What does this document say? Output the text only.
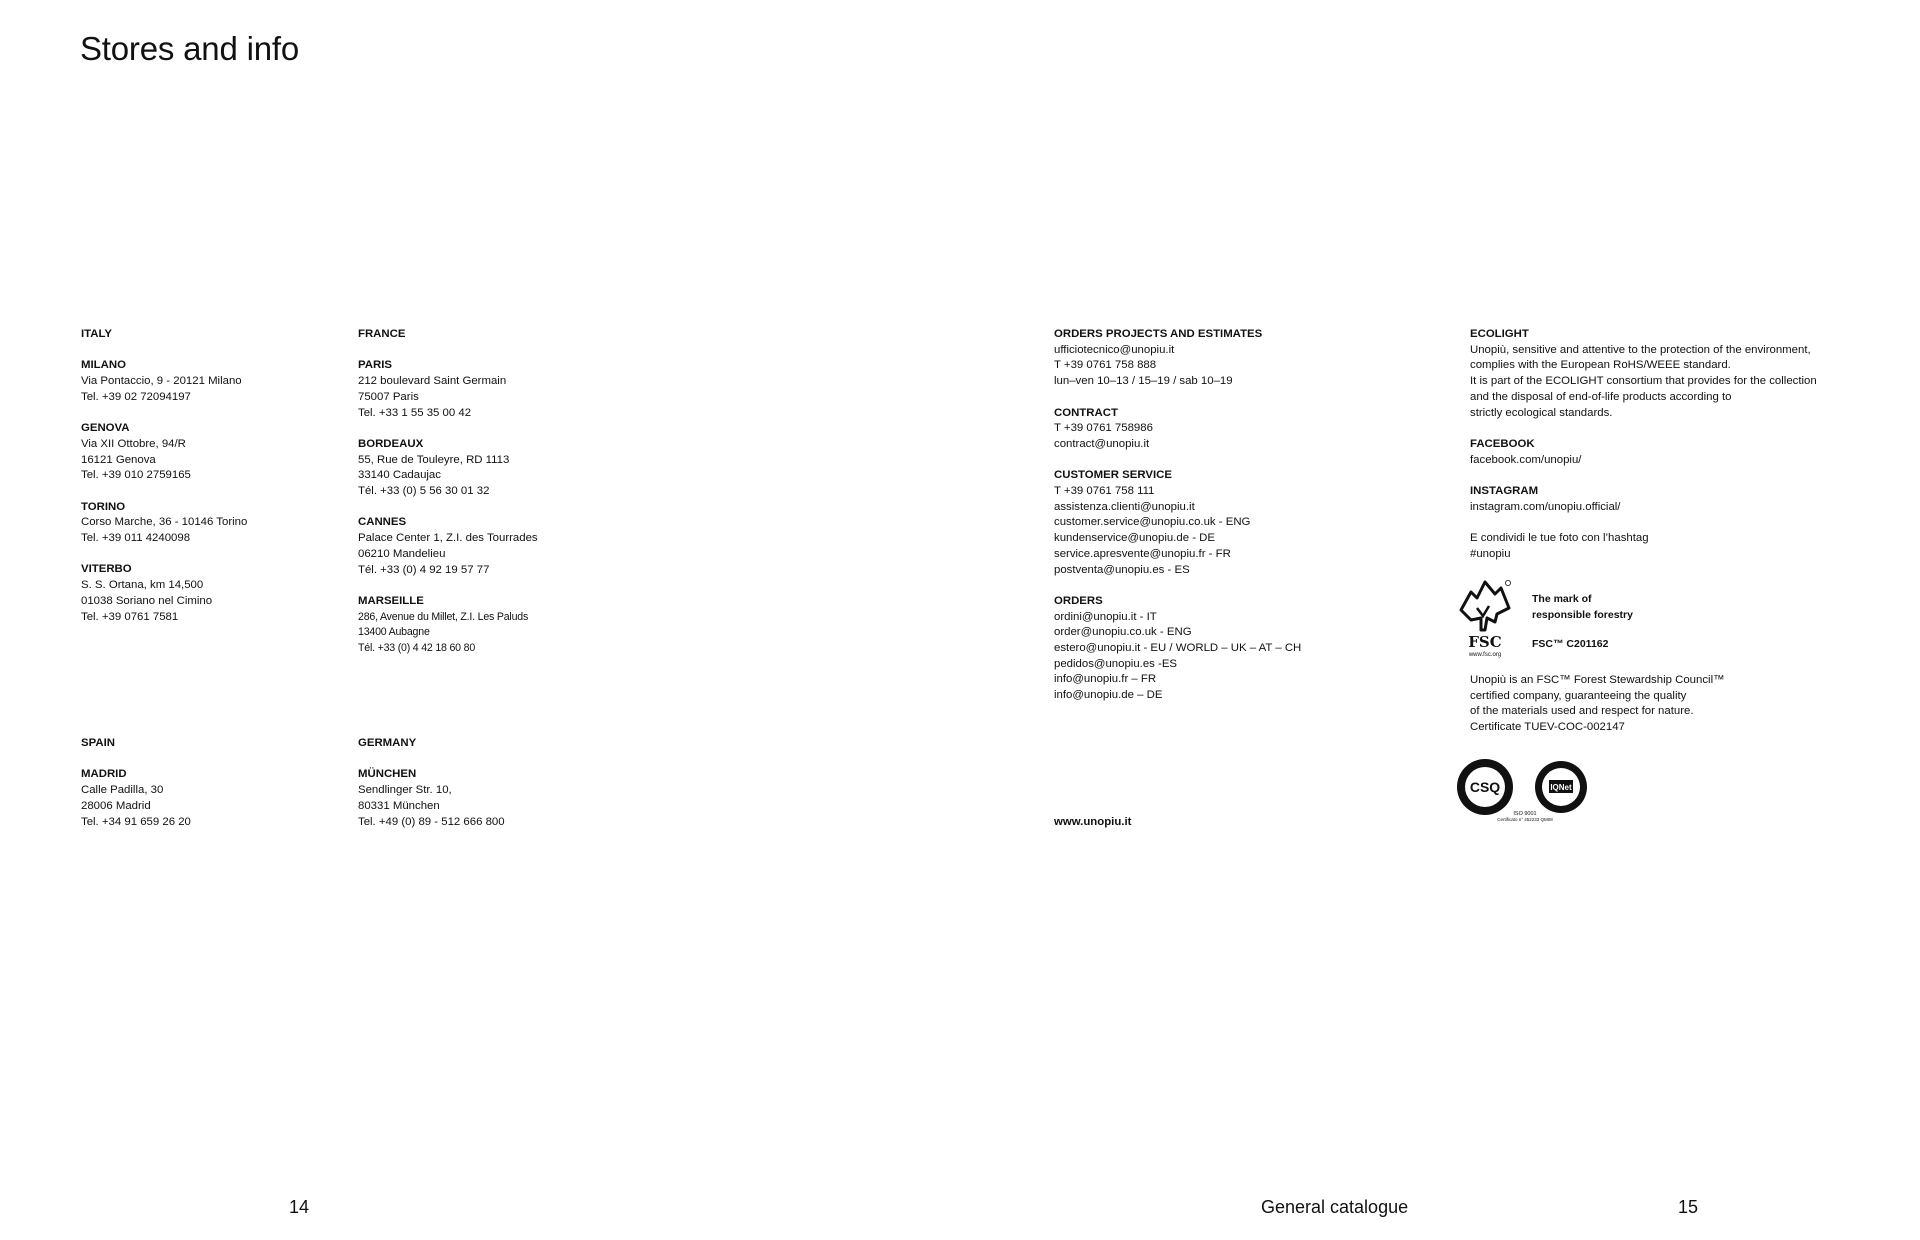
Stores and info
ITALY
MILANO
Via Pontaccio, 9 - 20121 Milano
Tel. +39 02 72094197
GENOVA
Via XII Ottobre, 94/R
16121 Genova
Tel. +39 010 2759165
TORINO
Corso Marche, 36 - 10146 Torino
Tel. +39 011 4240098
VITERBO
S. S. Ortana, km 14,500
01038 Soriano nel Cimino
Tel. +39 0761 7581
FRANCE
PARIS
212 boulevard Saint Germain
75007 Paris
Tel. +33 1 55 35 00 42
BORDEAUX
55, Rue de Touleyre, RD 1113
33140 Cadaujac
Tél. +33 (0) 5 56 30 01 32
CANNES
Palace Center 1, Z.I. des Tourrades
06210 Mandelieu
Tél. +33 (0) 4 92 19 57 77
MARSEILLE
286, Avenue du Millet, Z.I. Les Paluds
13400 Aubagne
Tél. +33 (0) 4 42 18 60 80
SPAIN
MADRID
Calle Padilla, 30
28006 Madrid
Tel. +34 91 659 26 20
GERMANY
MÜNCHEN
Sendlinger Str. 10,
80331 München
Tel. +49 (0) 89 - 512 666 800
ORDERS PROJECTS AND ESTIMATES
ufficiotecnico@unopiu.it
T +39 0761 758 888
lun–ven 10–13 / 15–19 / sab 10–19
CONTRACT
T +39 0761 758986
contract@unopiu.it
CUSTOMER SERVICE
T +39 0761 758 111
assistenza.clienti@unopiu.it
customer.service@unopiu.co.uk - ENG
kundenservice@unopiu.de - DE
service.apresvente@unopiu.fr - FR
postventa@unopiu.es - ES
ORDERS
ordini@unopiu.it - IT
order@unopiu.co.uk - ENG
estero@unopiu.it - EU / WORLD – UK – AT – CH
pedidos@unopiu.es -ES
info@unopiu.fr – FR
info@unopiu.de – DE
www.unopiu.it
ECOLIGHT
Unopiù, sensitive and attentive to the protection of the environment,
complies with the European RoHS/WEEE standard.
It is part of the ECOLIGHT consortium that provides for the collection
and the disposal of end-of-life products according to
strictly ecological standards.
FACEBOOK
facebook.com/unopiu/
INSTAGRAM
instagram.com/unopiu.official/
E condividi le tue foto con l’hashtag
#unopiu
FSC
www.fsc.org
The mark of
responsible forestry
FSC™ C201162
Unopiù is an FSC™ Forest Stewardship Council™
certified company, guaranteeing the quality
of the materials used and respect for nature.
Certificate TUEV-COC-002147
CSQ	IQNet
ISO 9001
Certificato n° 452233 QM08
14	General catalogue	15
